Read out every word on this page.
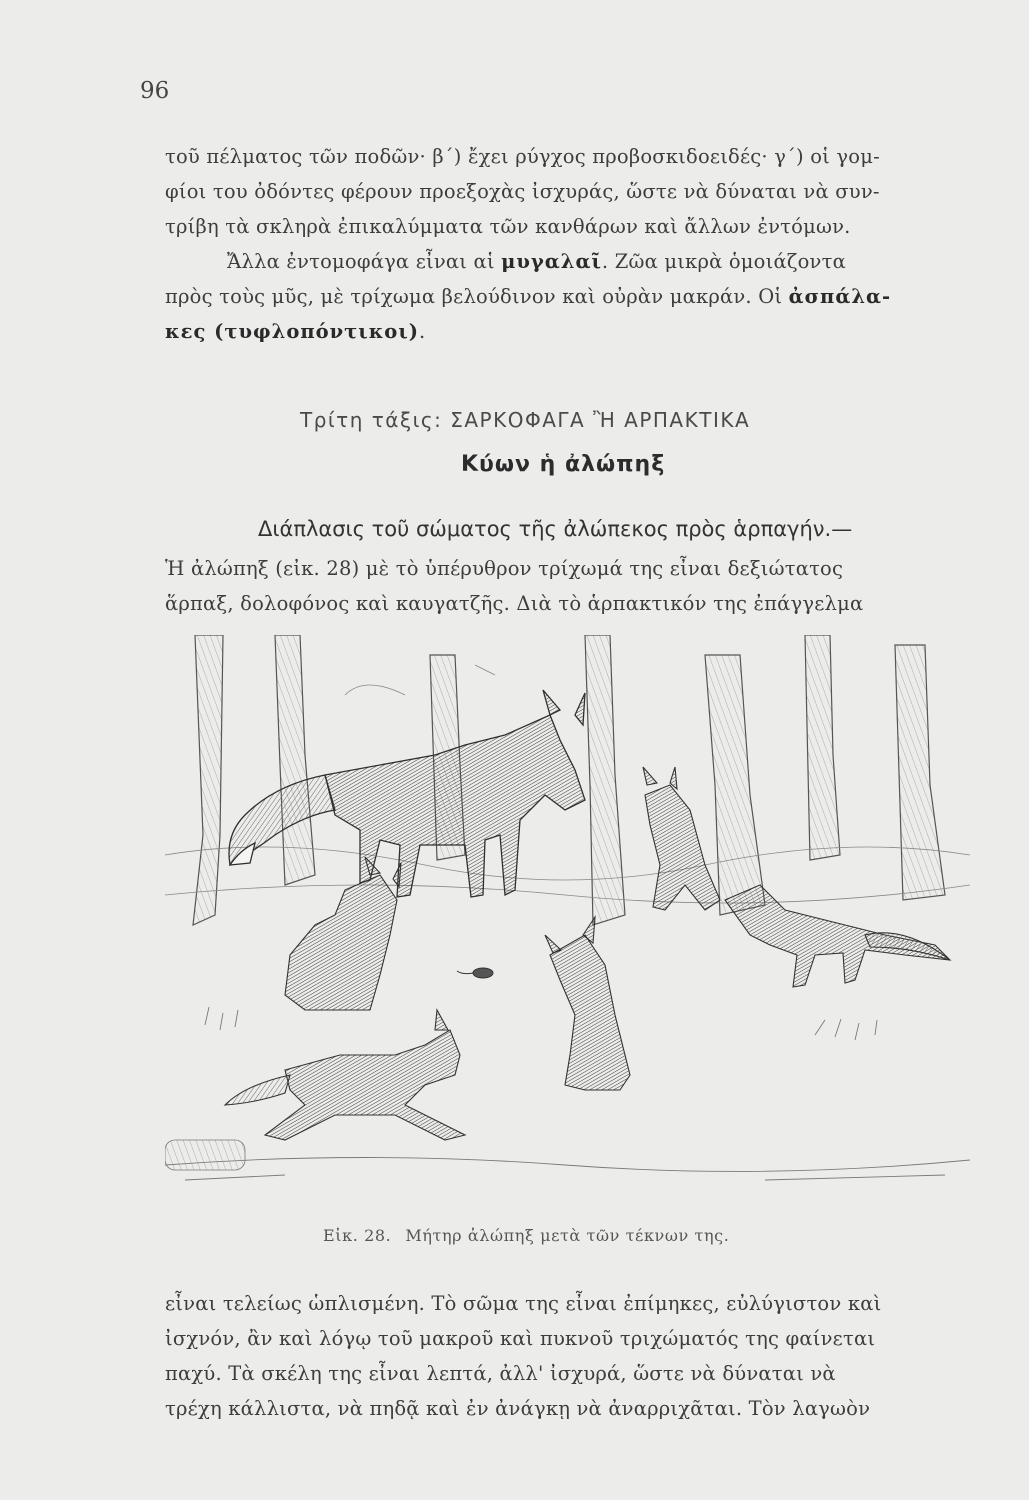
96
τοῦ πέλματος τῶν ποδῶν· β΄) ἔχει ρύγχος προβοσκιδοειδές· γ΄) οἱ γομ-
φίοι του ὀδόντες φέρουν προεξοχὰς ἰσχυράς, ὥστε νὰ δύναται νὰ συν-
τρίβη τὰ σκληρὰ ἐπικαλύμματα τῶν κανθάρων καὶ ἄλλων ἐντόμων.
Ἄλλα ἐντομοφάγα εἶναι αἱ μυγαλαῖ. Ζῶα μικρὰ ὁμοιάζοντα
πρὸς τοὺς μῦς, μὲ τρίχωμα βελούδινον καὶ οὐρὰν μακράν. Οἱ ἀσπάλα-
κες (τυφλοπόντικοι).
Τρίτη τάξις: ΣΑΡΚΟΦΑΓΑ Ἢ ΑΡΠΑΚΤΙΚΑ
Κύων ἡ ἀλώπηξ
Διάπλασις τοῦ σώματος τῆς ἀλώπεκος πρὸς ἁρπαγήν.—
Ἡ ἀλώπηξ (εἰκ. 28) μὲ τὸ ὑπέρυθρον τρίχωμά της εἶναι δεξιώτατος
ἅρπαξ, δολοφόνος καὶ καυγατζῆς. Διὰ τὸ ἁρπακτικόν της ἐπάγγελμα
Εἰκ. 28. Μήτηρ ἀλώπηξ μετὰ τῶν τέκνων της.
εἶναι τελείως ὡπλισμένη. Τὸ σῶμα της εἶναι ἐπίμηκες, εὐλύγιστον καὶ
ἰσχνόν, ἂν καὶ λόγῳ τοῦ μακροῦ καὶ πυκνοῦ τριχώματός της φαίνεται
παχύ. Τὰ σκέλη της εἶναι λεπτά, ἀλλ' ἰσχυρά, ὥστε νὰ δύναται νὰ
τρέχη κάλλιστα, νὰ πηδᾷ καὶ ἐν ἀνάγκῃ νὰ ἀναρριχᾶται. Τὸν λαγωὸν
